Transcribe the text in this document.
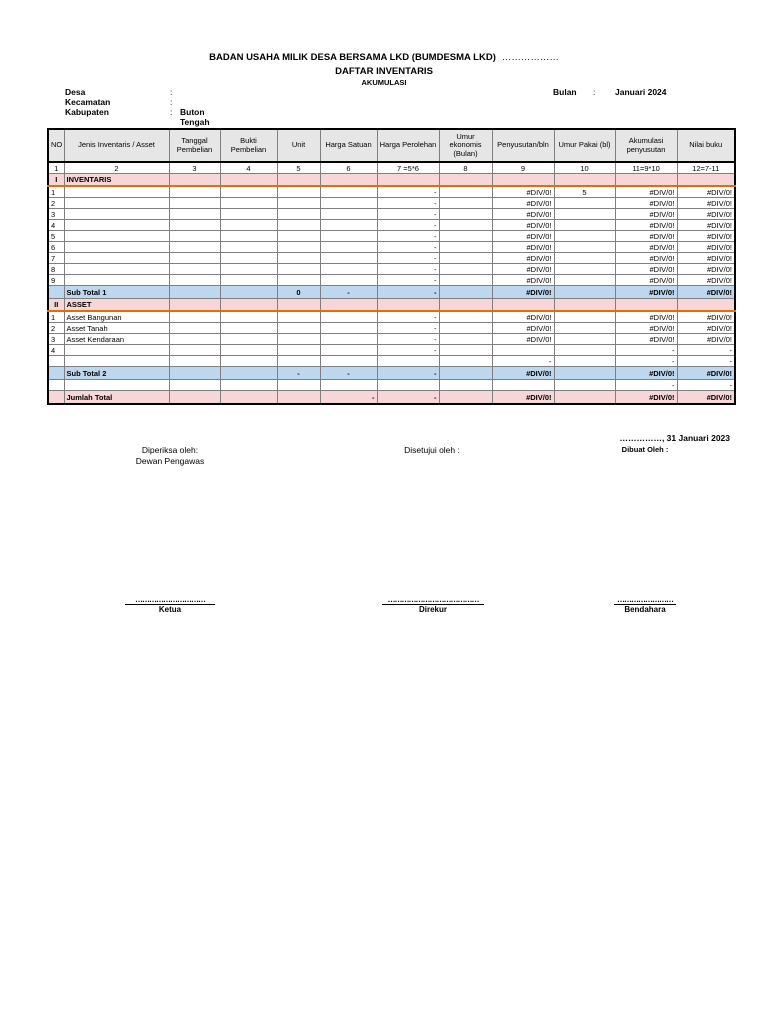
BADAN USAHA MILIK DESA BERSAMA LKD (BUMDESMA LKD) ………………
DAFTAR INVENTARIS
AKUMULASI
Desa	:
Kecamatan	:
Kabupaten	: Buton Tengah
Bulan : Januari 2024
NO	Jenis Inventaris / Asset	Tanggal Pembelian	Bukti Pembelian	Unit	Harga Satuan	Harga Perolehan	Umur ekonomis (Bulan)	Penyusutan/bln	Umur Pakai (bl)	Akumulasi penyusutan	Nilai buku
1	2	3	4	5	6	7 =5*6	8	9	10	11=9*10	12=7-11
I	INVENTARIS										
1						-		#DIV/0!	5	#DIV/0!	#DIV/0!
2						-		#DIV/0!		#DIV/0!	#DIV/0!
3						-		#DIV/0!		#DIV/0!	#DIV/0!
4						-		#DIV/0!		#DIV/0!	#DIV/0!
5						-		#DIV/0!		#DIV/0!	#DIV/0!
6						-		#DIV/0!		#DIV/0!	#DIV/0!
7						-		#DIV/0!		#DIV/0!	#DIV/0!
8						-		#DIV/0!		#DIV/0!	#DIV/0!
9						-		#DIV/0!		#DIV/0!	#DIV/0!
	Sub Total 1			0	-	-		#DIV/0!		#DIV/0!	#DIV/0!
II	ASSET										
1	Asset Bangunan					-		#DIV/0!		#DIV/0!	#DIV/0!
2	Asset Tanah					-		#DIV/0!		#DIV/0!	#DIV/0!
3	Asset Kendaraan					-		#DIV/0!		#DIV/0!	#DIV/0!
4						-				-	-
								-		-	-
	Sub Total 2			-	-	-		#DIV/0!		#DIV/0!	#DIV/0!
										-	-
	Jumlah Total				-	-		#DIV/0!		#DIV/0!	#DIV/0!
……………, 31 Januari 2023
Diperiksa oleh:
Dewan Pengawas
Disetujui oleh :	Dibuat Oleh :
…………………………
Ketua
…………………………………
Direkur
……………………
Bendahara
